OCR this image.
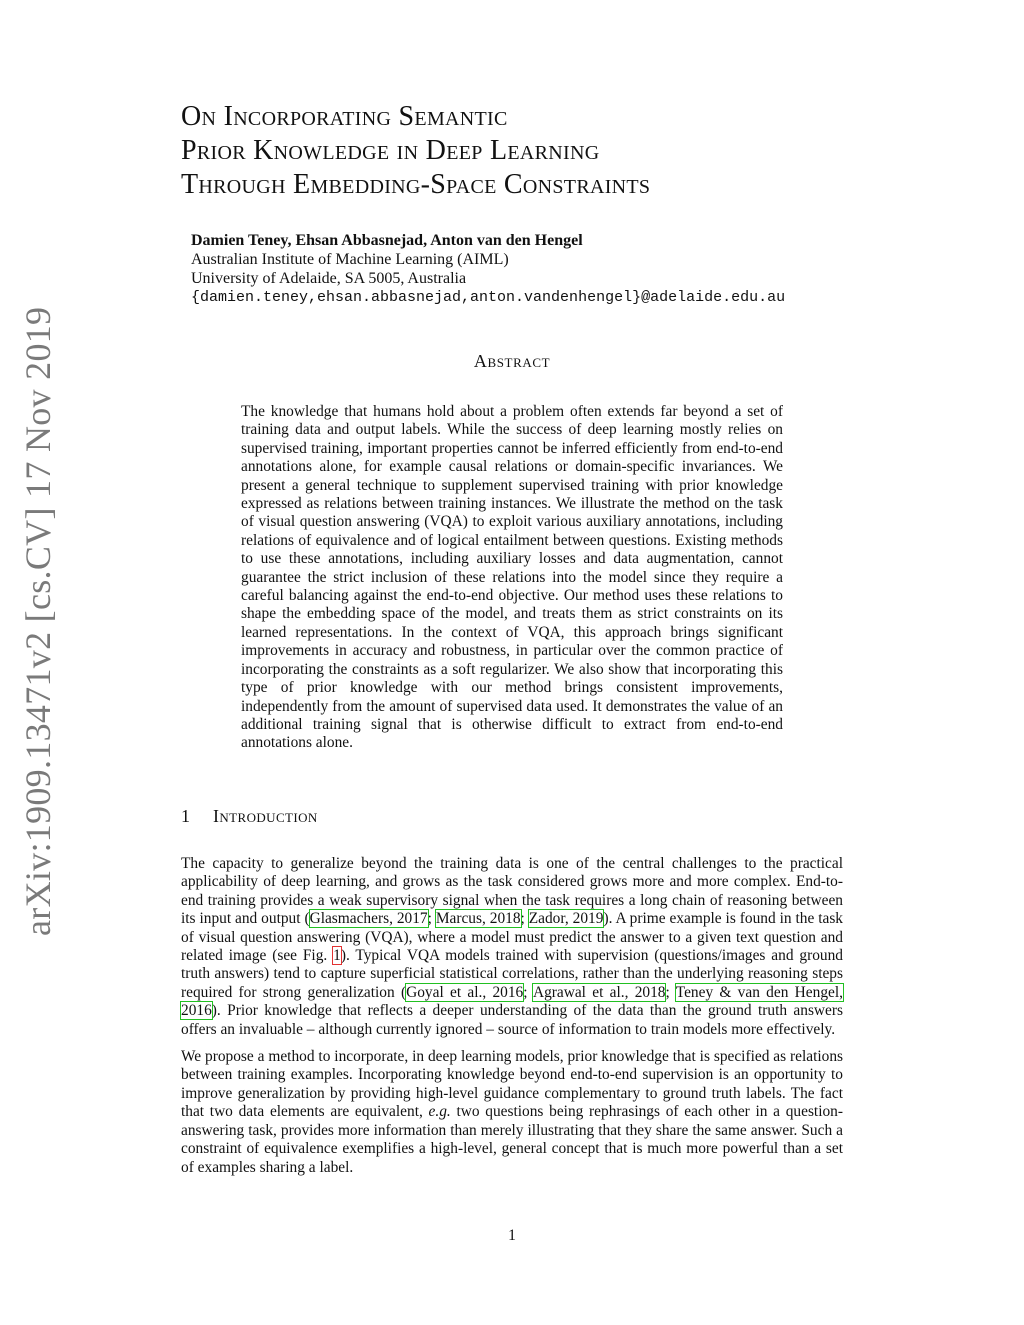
arXiv:1909.13471v2 [cs.CV] 17 Nov 2019
On Incorporating Semantic
Prior Knowledge in Deep Learning
Through Embedding-Space Constraints
Damien Teney, Ehsan Abbasnejad, Anton van den Hengel
Australian Institute of Machine Learning (AIML)
University of Adelaide, SA 5005, Australia
{damien.teney,ehsan.abbasnejad,anton.vandenhengel}@adelaide.edu.au
Abstract
The knowledge that humans hold about a problem often extends far beyond a set of training data and output labels. While the success of deep learning mostly relies on supervised training, important properties cannot be inferred efficiently from end-to-end annotations alone, for example causal relations or domain-specific invariances. We present a general technique to supplement supervised training with prior knowledge expressed as relations between training instances. We illustrate the method on the task of visual question answering (VQA) to exploit various auxiliary annotations, including relations of equivalence and of logical entailment between questions. Existing methods to use these annotations, including auxiliary losses and data augmentation, cannot guarantee the strict inclusion of these relations into the model since they require a careful balancing against the end-to-end objective. Our method uses these relations to shape the embedding space of the model, and treats them as strict constraints on its learned representations. In the context of VQA, this approach brings significant improvements in accuracy and robustness, in particular over the common practice of incorporating the constraints as a soft regularizer. We also show that incorporating this type of prior knowledge with our method brings consistent improvements, independently from the amount of supervised data used. It demonstrates the value of an additional training signal that is otherwise difficult to extract from end-to-end annotations alone.
1 Introduction

The capacity to generalize beyond the training data is one of the central challenges to the practical applicability of deep learning, and grows as the task considered grows more and more complex. End-to-end training provides a weak supervisory signal when the task requires a long chain of reasoning between its input and output (Glasmachers, 2017; Marcus, 2018; Zador, 2019). A prime example is found in the task of visual question answering (VQA), where a model must predict the answer to a given text question and related image (see Fig. 1). Typical VQA models trained with supervision (questions/images and ground truth answers) tend to capture superficial statistical correlations, rather than the underlying reasoning steps required for strong generalization (Goyal et al., 2016; Agrawal et al., 2018; Teney & van den Hengel, 2016). Prior knowledge that reflects a deeper understanding of the data than the ground truth answers offers an invaluable – although currently ignored – source of information to train models more effectively.

We propose a method to incorporate, in deep learning models, prior knowledge that is specified as relations between training examples. Incorporating knowledge beyond end-to-end supervision is an opportunity to improve generalization by providing high-level guidance complementary to ground truth labels. The fact that two data elements are equivalent, e.g. two questions being rephrasings of each other in a question-answering task, provides more information than merely illustrating that they share the same answer. Such a constraint of equivalence exemplifies a high-level, general concept that is much more powerful than a set of examples sharing a label.

1
